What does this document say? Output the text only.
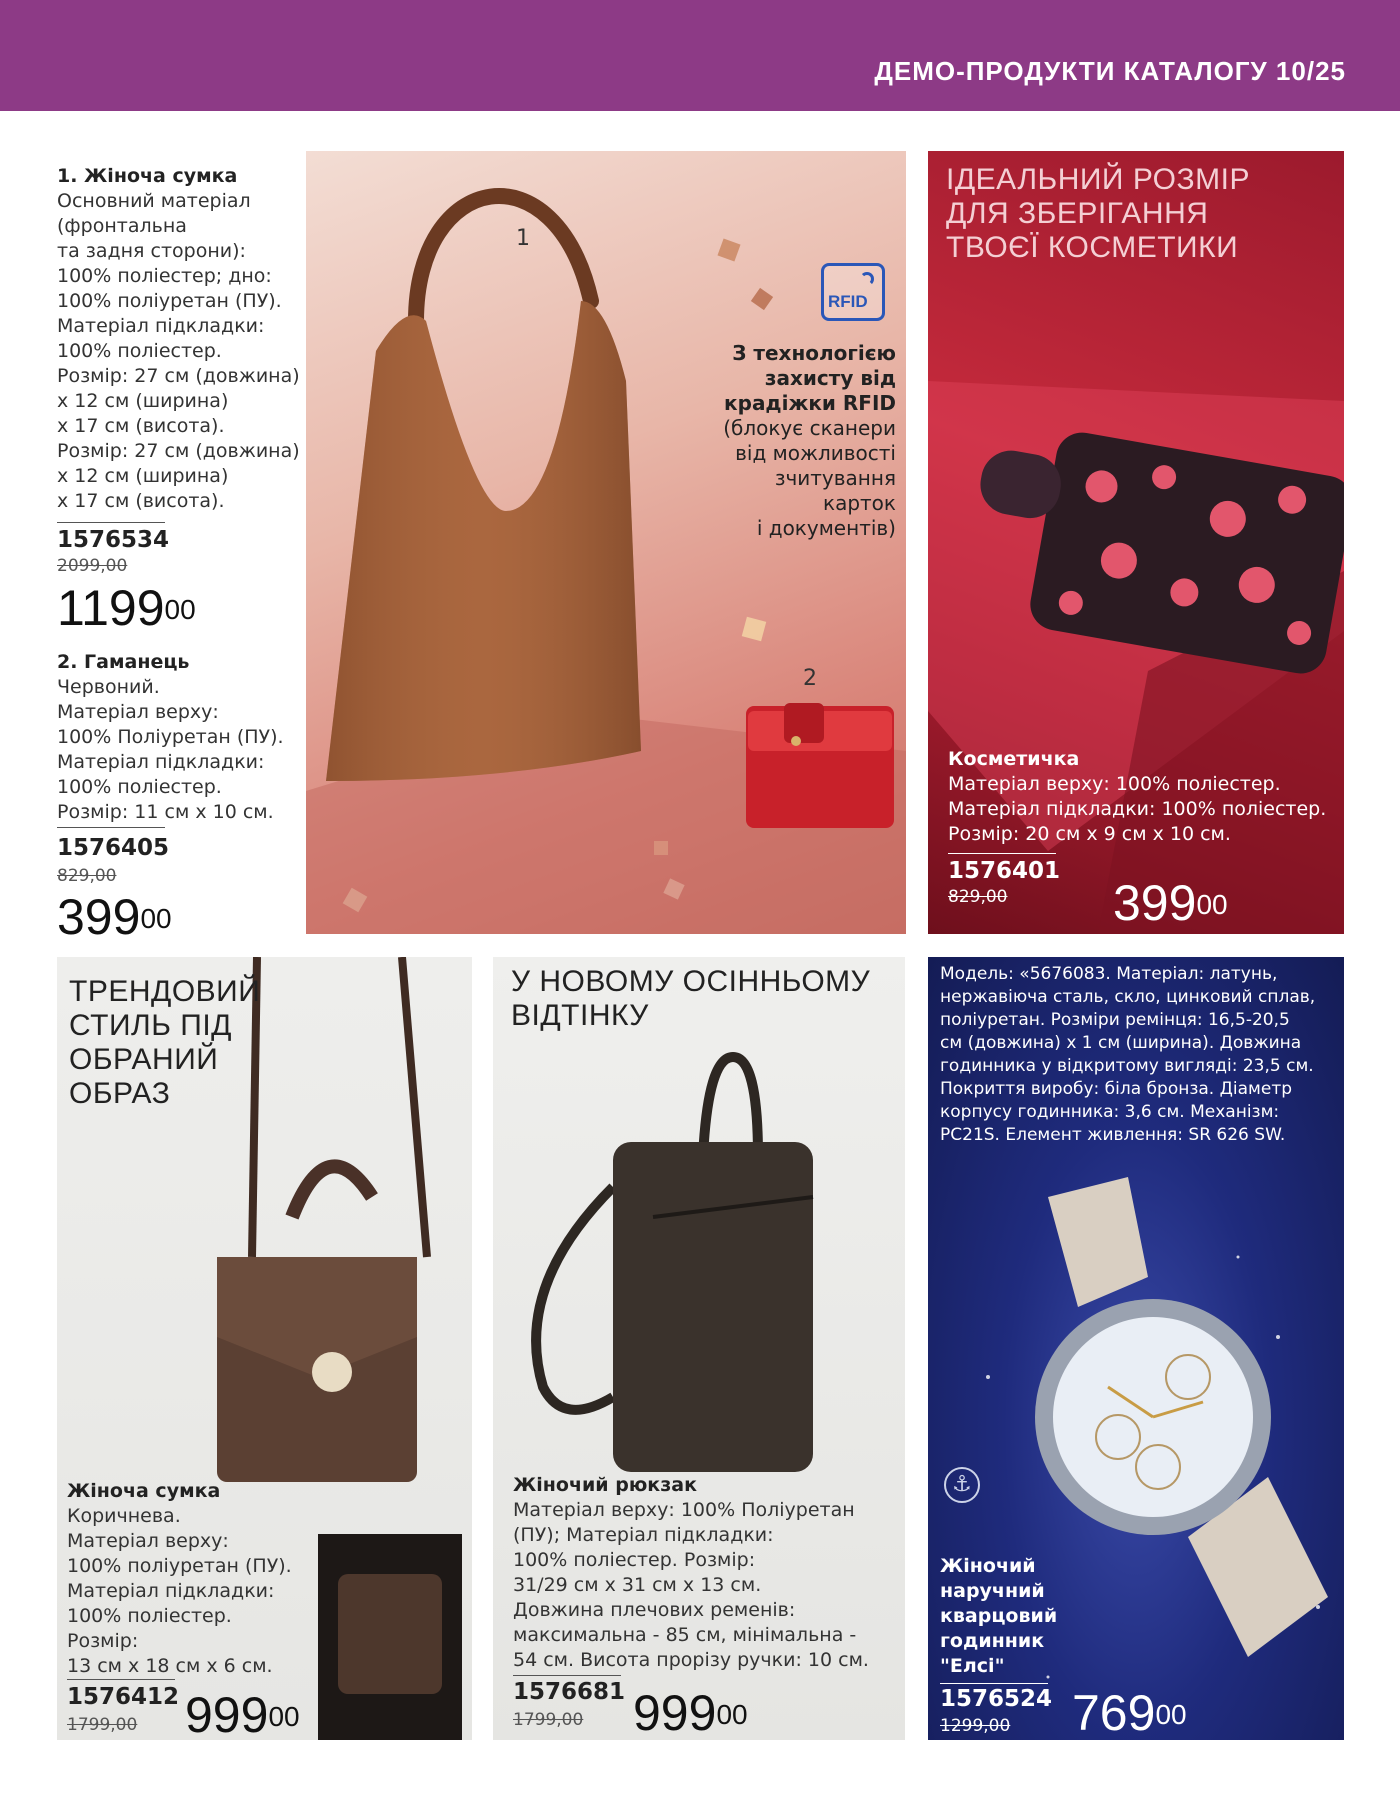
ДЕМО-ПРОДУКТИ КАТАЛОГУ 10/25
1. Жіноча сумка
Основний матеріал
(фронтальна
та задня сторони):
100% поліестер; дно:
100% поліуретан (ПУ).
Матеріал підкладки:
100% поліестер.
Розмір: 27 см (довжина)
х 12 см (ширина)
х 17 см (висота).
Розмір: 27 см (довжина)
х 12 см (ширина)
х 17 см (висота).
1576534
2099,00
1199$^{00}$
2. Гаманець
Червоний.
Матеріал верху:
100% Поліуретан (ПУ).
Матеріал підкладки:
100% поліестер.
Розмір: 11 см х 10 см.
1576405
829,00
$399^{00}$
1
2
RFID
З технологією
захисту від
крадіжки RFID
(блокує сканери
від можливості
зчитування
карток
і документів)
ІДЕАЛЬНИЙ РОЗМІР
ДЛЯ ЗБЕРІГАННЯ
ТВОЄЇ КОСМЕТИКИ
Косметичка
Матеріал верху: 100% поліестер.
Матеріал підкладки: 100% поліестер.
Розмір: 20 см х 9 см х 10 см.
1576401
829,00 $399^{00}$
ТРЕНДОВИЙ
СТИЛЬ ПІД
ОБРАНИЙ
ОБРАЗ
Жіноча сумка
Коричнева.
Матеріал верху:
100% поліуретан (ПУ).
Матеріал підкладки:
100% поліестер.
Розмір:
13 см х 18 см х 6 см.
1576412
1799,00 $999^{00}$
У НОВОМУ ОСІННЬОМУ
ВІДТІНКУ
Жіночий рюкзак
Матеріал верху: 100% Поліуретан
(ПУ); Матеріал підкладки:
100% поліестер. Розмір:
31/29 см х 31 см х 13 см.
Довжина плечових ременів:
максимальна - 85 см, мінімальна -
54 см. Висота прорізу ручки: 10 см.
1576681
1799,00 $999^{00}$
⚓
Модель: «5676083. Матеріал: латунь,
нержавіюча сталь, скло, цинковий сплав,
поліуретан. Розміри ремінця: 16,5-20,5
см (довжина) х 1 см (ширина). Довжина
годинника у відкритому вигляді: 23,5 см.
Покриття виробу: біла бронза. Діаметр
корпусу годинника: 3,6 см. Механізм:
PC21S. Елемент живлення: SR 626 SW.
Жіночий
наручний
кварцовий
годинник
"Елсі"
1576524
1299,00 $769^{00}$
